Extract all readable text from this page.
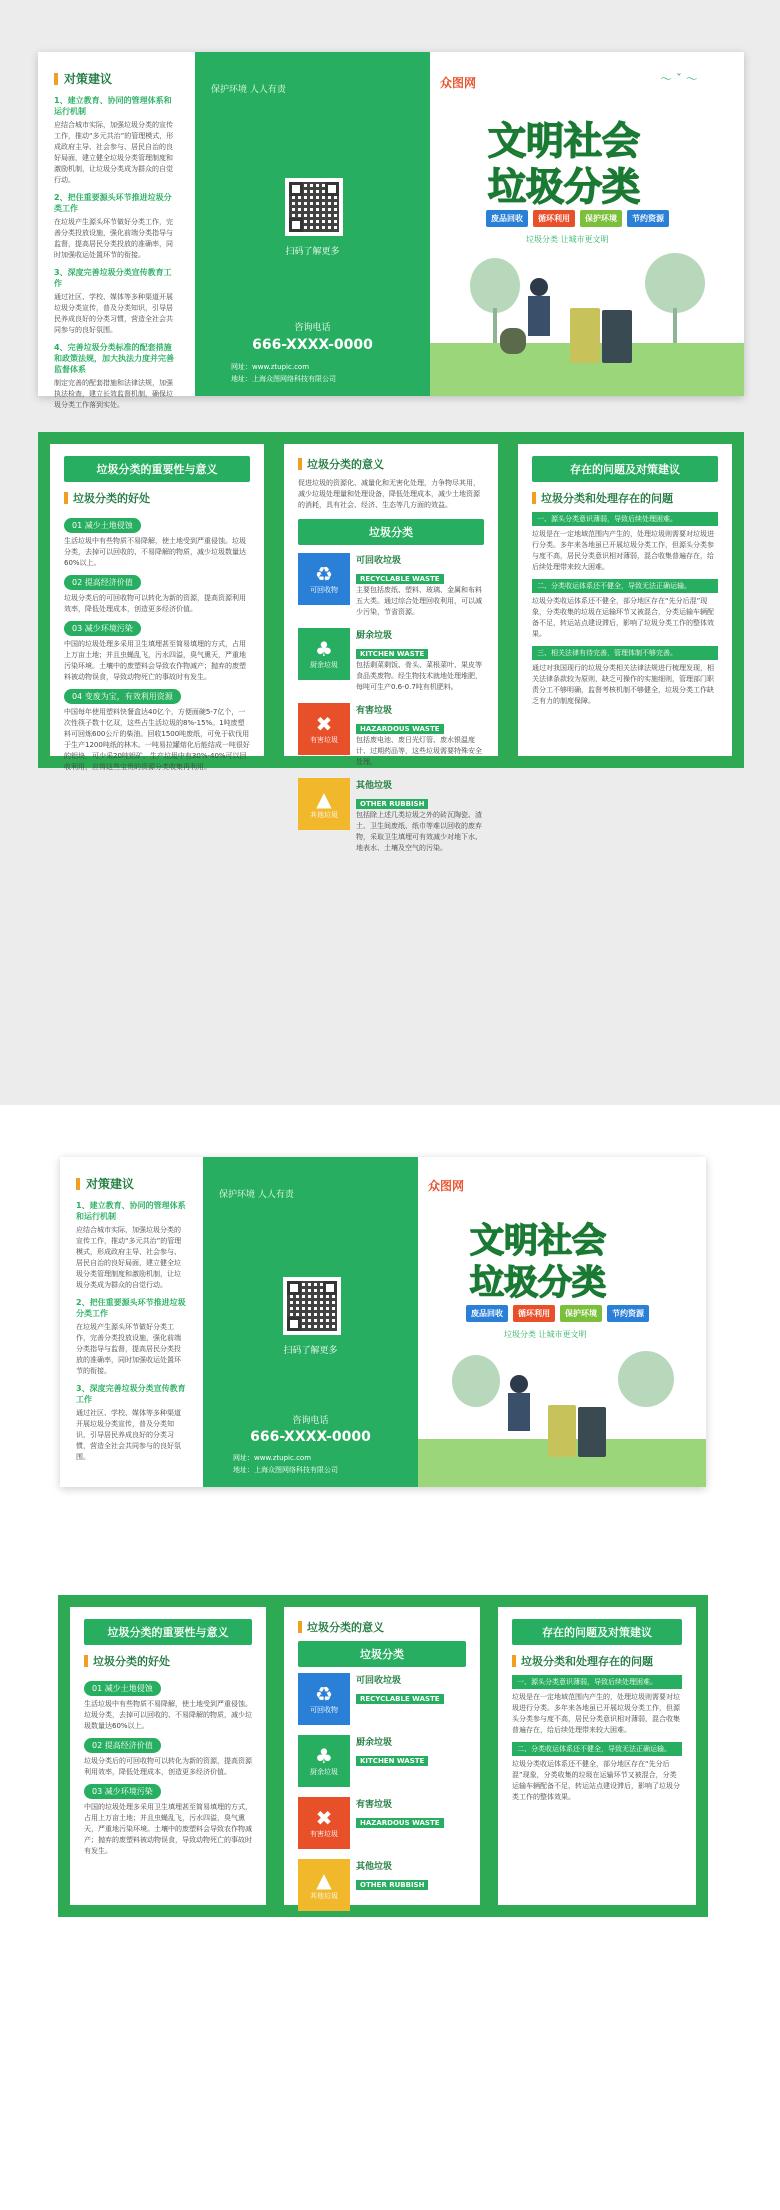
对策建议
1、建立教育、协同的管理体系和运行机制
应结合城市实际，加强垃圾分类的宣传工作，推动“多元共治”的管理模式，形成政府主导、社会参与、居民自治的良好局面，建立健全垃圾分类管理制度和激励机制，让垃圾分类成为群众的自觉行动。
2、把住重要源头环节推进垃圾分类工作
在垃圾产生源头环节做好分类工作，完善分类投放设施，强化前端分类指导与监督，提高居民分类投放的准确率，同时加强收运处置环节的衔接。
3、深度完善垃圾分类宣传教育工作
通过社区、学校、媒体等多种渠道开展垃圾分类宣传，普及分类知识，引导居民养成良好的分类习惯，营造全社会共同参与的良好氛围。
4、完善垃圾分类标准的配套措施和政策法规，加大执法力度并完善监督体系
制定完善的配套措施和法律法规，加强执法检查，建立长效监督机制，确保垃圾分类工作落到实处。
保护环境 人人有责
扫码了解更多
咨询电话
666-XXXX-0000
网址：www.ztupic.com
地址：上海众图网络科技有限公司
众图网	〜 ˇ 〜
文明社会
垃圾分类
废品回收	循环利用	保护环境	节约资源
垃圾分类 让城市更文明
垃圾分类的重要性与意义
垃圾分类的好处
01 减少土地侵蚀
生活垃圾中有些物质不易降解，使土地受到严重侵蚀。垃圾分类，去掉可以回收的、不易降解的物质，减少垃圾数量达60%以上。
02 提高经济价值
垃圾分类后的可回收物可以转化为新的资源，提高资源利用效率，降低处理成本，创造更多经济价值。
03 减少环境污染
中国的垃圾处理多采用卫生填埋甚至简易填埋的方式，占用上万亩土地；并且虫蝇乱飞，污水四溢，臭气熏天，严重地污染环境。土壤中的废塑料会导致农作物减产；抛弃的废塑料被动物误食，导致动物死亡的事故时有发生。
04 变废为宝，有效利用资源
中国每年使用塑料快餐盒达40亿个，方便面碗5-7亿个，一次性筷子数十亿双，这些占生活垃圾的8%-15%。1吨废塑料可回炼600公斤的柴油。回收1500吨废纸，可免于砍伐用于生产1200吨纸的林木。一吨易拉罐熔化后能结成一吨很好的铝块，可少采20吨铝矿。生产垃圾中有30%-40%可以回收利用，应将这些宝贵的资源分类收集再利用。
垃圾分类的意义
促进垃圾的资源化、减量化和无害化处理，力争物尽其用，减少垃圾处理量和处理设备，降低处理成本，减少土地资源的消耗，具有社会、经济、生态等几方面的效益。
垃圾分类
♻
可回收物
可回收垃圾
RECYCLABLE WASTE
主要包括废纸、塑料、玻璃、金属和布料五大类。通过综合处理回收利用，可以减少污染，节省资源。
♣
厨余垃圾
厨余垃圾
KITCHEN WASTE
包括剩菜剩饭、骨头、菜根菜叶、果皮等食品类废物。经生物技术就地处理堆肥，每吨可生产0.6-0.7吨有机肥料。
✖
有害垃圾
有害垃圾
HAZARDOUS WASTE
包括废电池、废日光灯管、废水银温度计、过期药品等，这些垃圾需要特殊安全处理。
▲
其他垃圾
其他垃圾
OTHER RUBBISH
包括除上述几类垃圾之外的砖瓦陶瓷、渣土、卫生间废纸、纸巾等难以回收的废弃物，采取卫生填埋可有效减少对地下水、地表水、土壤及空气的污染。
存在的问题及对策建议
垃圾分类和处理存在的问题
一、源头分类意识薄弱，导致后续处理困难。
垃圾是在一定地域范围内产生的，处理垃圾则需要对垃圾进行分类。多年来各地虽已开展垃圾分类工作，但源头分类参与度不高，居民分类意识相对薄弱，混合收集普遍存在，给后续处理带来较大困难。
二、分类收运体系还不健全，导致无法正确运输。
垃圾分类收运体系还不健全，部分地区存在“先分后混”现象，分类收集的垃圾在运输环节又被混合，分类运输车辆配备不足，转运站点建设滞后，影响了垃圾分类工作的整体效果。
三、相关法律有待完善，管理体制不够完善。
通过对我国现行的垃圾分类相关法律法规进行梳理发现，相关法律条款较为原则，缺乏可操作的实施细则，管理部门职责分工不够明确，监督考核机制不够健全，垃圾分类工作缺乏有力的制度保障。
对策建议
1、建立教育、协同的管理体系和运行机制
应结合城市实际，加强垃圾分类的宣传工作，推动“多元共治”的管理模式，形成政府主导、社会参与、居民自治的良好局面，建立健全垃圾分类管理制度和激励机制，让垃圾分类成为群众的自觉行动。
2、把住重要源头环节推进垃圾分类工作
在垃圾产生源头环节做好分类工作，完善分类投放设施，强化前端分类指导与监督，提高居民分类投放的准确率，同时加强收运处置环节的衔接。
3、深度完善垃圾分类宣传教育工作
通过社区、学校、媒体等多种渠道开展垃圾分类宣传，普及分类知识，引导居民养成良好的分类习惯，营造全社会共同参与的良好氛围。
保护环境 人人有责
扫码了解更多
咨询电话
666-XXXX-0000
网址：www.ztupic.com
地址：上海众图网络科技有限公司
众图网
文明社会
垃圾分类
废品回收	循环利用	保护环境	节约资源
垃圾分类 让城市更文明
垃圾分类的重要性与意义
垃圾分类的好处
01 减少土地侵蚀
生活垃圾中有些物质不易降解，使土地受到严重侵蚀。垃圾分类，去掉可以回收的、不易降解的物质，减少垃圾数量达60%以上。
02 提高经济价值
垃圾分类后的可回收物可以转化为新的资源，提高资源利用效率，降低处理成本，创造更多经济价值。
03 减少环境污染
中国的垃圾处理多采用卫生填埋甚至简易填埋的方式，占用上万亩土地；并且虫蝇乱飞，污水四溢，臭气熏天，严重地污染环境。土壤中的废塑料会导致农作物减产；抛弃的废塑料被动物误食，导致动物死亡的事故时有发生。
垃圾分类的意义
垃圾分类
♻
可回收物
可回收垃圾
RECYCLABLE WASTE
♣
厨余垃圾
厨余垃圾
KITCHEN WASTE
✖
有害垃圾
有害垃圾
HAZARDOUS WASTE
▲
其他垃圾
其他垃圾
OTHER RUBBISH
存在的问题及对策建议
垃圾分类和处理存在的问题
一、源头分类意识薄弱，导致后续处理困难。
垃圾是在一定地域范围内产生的，处理垃圾则需要对垃圾进行分类。多年来各地虽已开展垃圾分类工作，但源头分类参与度不高，居民分类意识相对薄弱，混合收集普遍存在，给后续处理带来较大困难。
二、分类收运体系还不健全，导致无法正确运输。
垃圾分类收运体系还不健全，部分地区存在“先分后混”现象，分类收集的垃圾在运输环节又被混合，分类运输车辆配备不足，转运站点建设滞后，影响了垃圾分类工作的整体效果。
